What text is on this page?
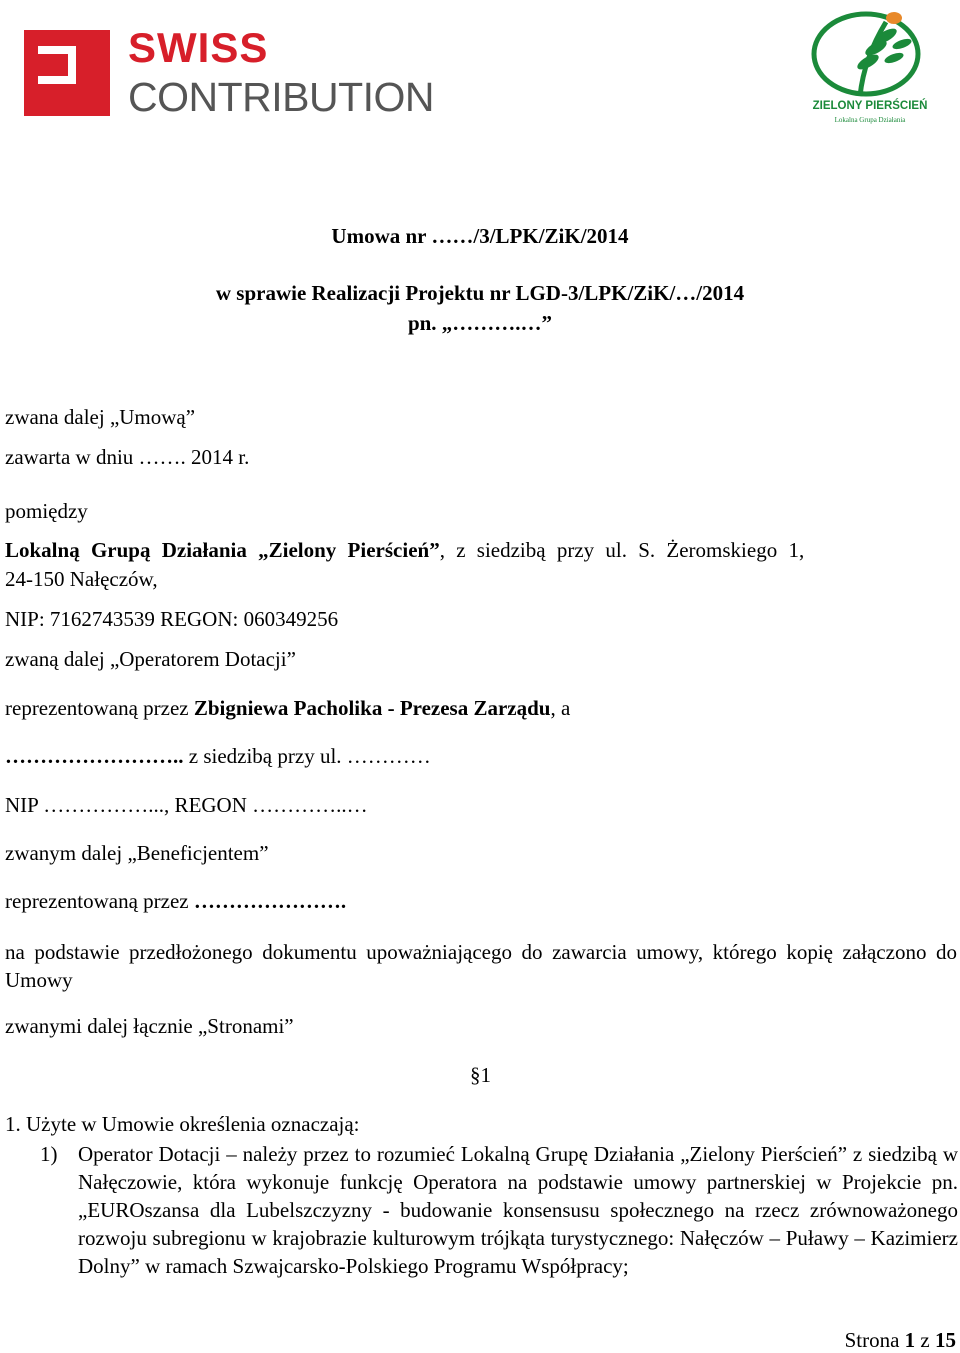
SWISS
CONTRIBUTION	ZIELONY PIERŚCIEŃ
Lokalna Grupa Działania
Umowa nr ……/3/LPK/ZiK/2014
w sprawie Realizacji Projektu nr LGD-3/LPK/ZiK/…/2014
pn. „……….…”
zwana dalej „Umową”
zawarta w dniu ……. 2014 r.
pomiędzy
Lokalną Grupą Działania „Zielony Pierścień” , z siedzibą przy ul. S. Żeromskiego 1,
24-150 Nałęczów,
NIP: 7162743539 REGON: 060349256
zwaną dalej „Operatorem Dotacji”
reprezentowaną przez Zbigniewa Pacholika - Prezesa Zarządu, a
…………………….. z siedzibą przy ul. …………
NIP ……………..., REGON …………..…
zwanym dalej „Beneficjentem”
reprezentowaną przez ………………….
na podstawie przedłożonego dokumentu upoważniającego do zawarcia umowy, którego kopię załączono do Umowy
zwanymi dalej łącznie „Stronami”
§1
1. Użyte w Umowie określenia oznaczają:
1) Operator Dotacji – należy przez to rozumieć Lokalną Grupę Działania „Zielony Pierścień” z siedzibą w Nałęczowie, która wykonuje funkcję Operatora na podstawie umowy partnerskiej w Projekcie pn. „EUROszansa dla Lubelszczyzny - budowanie konsensusu społecznego na rzecz zrównoważonego rozwoju subregionu w krajobrazie kulturowym trójkąta turystycznego: Nałęczów – Puławy – Kazimierz Dolny” w ramach Szwajcarsko-Polskiego Programu Współpracy;
Strona 1 z 15
